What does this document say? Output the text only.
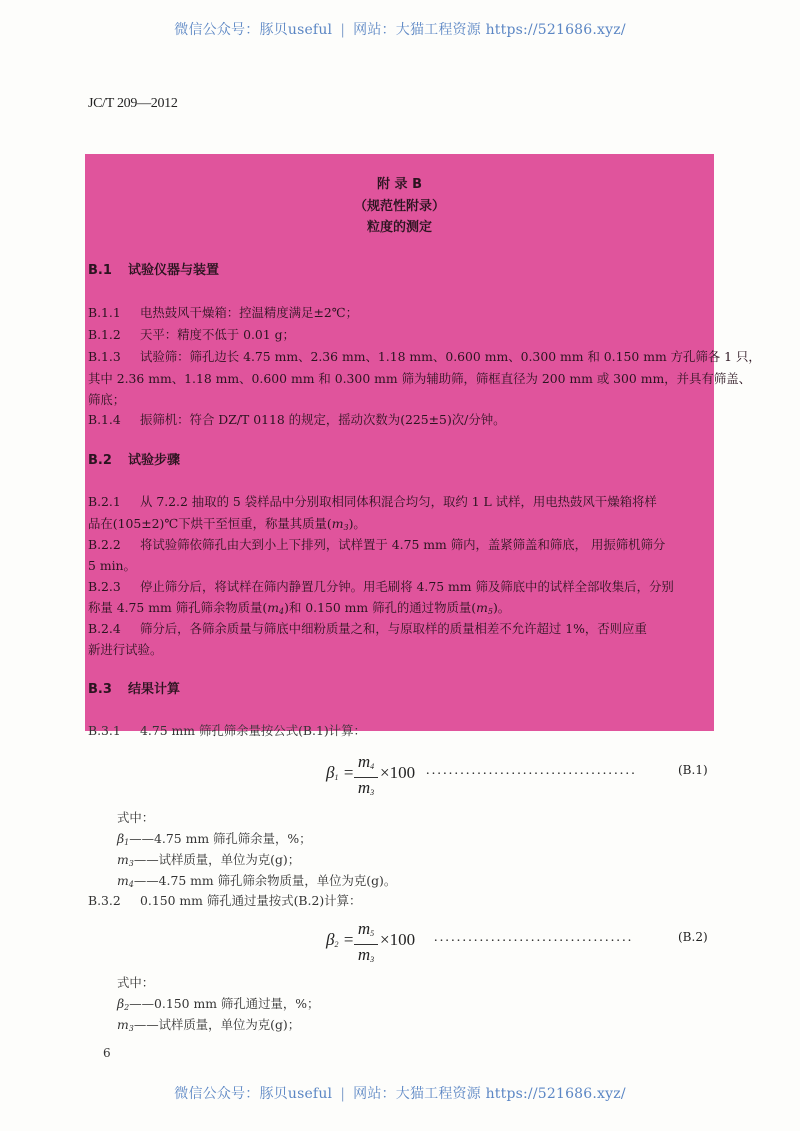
微信公众号：豚贝useful | 网站：大猫工程资源 https://521686.xyz/
JC/T 209—2012
附 录 B
（规范性附录）
粒度的测定
B.1 试验仪器与装置
B.1.1 电热鼓风干燥箱：控温精度满足±2℃；
B.1.2 天平：精度不低于 0.01 g；
B.1.3 试验筛：筛孔边长 4.75 mm、2.36 mm、1.18 mm、0.600 mm、0.300 mm 和 0.150 mm 方孔筛各 1 只，
其中 2.36 mm、1.18 mm、0.600 mm 和 0.300 mm 筛为辅助筛，筛框直径为 200 mm 或 300 mm，并具有筛盖、
筛底；
B.1.4 振筛机：符合 DZ/T 0118 的规定，摇动次数为(225±5)次/分钟。
B.2 试验步骤
B.2.1 从 7.2.2 抽取的 5 袋样品中分别取相同体积混合均匀，取约 1 L 试样，用电热鼓风干燥箱将样
品在(105±2)℃下烘干至恒重，称量其质量$(m_3)$。
B.2.2 将试验筛依筛孔由大到小上下排列，试样置于 4.75 mm 筛内，盖紧筛盖和筛底， 用振筛机筛分
5 min。
B.2.3 停止筛分后，将试样在筛内静置几分钟。用毛刷将 4.75 mm 筛及筛底中的试样全部收集后，分别
称量 4.75 mm 筛孔筛余物质量$(m_4)$和 0.150 mm 筛孔的通过物质量$(m_5)$。
B.2.4 筛分后，各筛余质量与筛底中细粉质量之和，与原取样的质量相差不允许超过 1%，否则应重
新进行试验。
B.3 结果计算
B.3.1 4.75 mm 筛孔筛余量按公式(B.1)计算：
$\beta_1$ =
$m_4$
$m_3$
×100 .....................................	(B.1)
式中：
$\beta_1——4.75$ mm 筛孔筛余量，%；
$m_3——$试样质量，单位为克(g)；
$m_4——4.75$ mm 筛孔筛余物质量，单位为克(g)。
B.3.2 0.150 mm 筛孔通过量按式(B.2)计算：
$\beta_2$ =
$m_5$
$m_3$
×100 ...................................	(B.2)
式中：
$\beta_2——0.150$ mm 筛孔通过量，%；
$m_3——$试样质量，单位为克(g)；
6
微信公众号：豚贝useful | 网站：大猫工程资源 https://521686.xyz/
